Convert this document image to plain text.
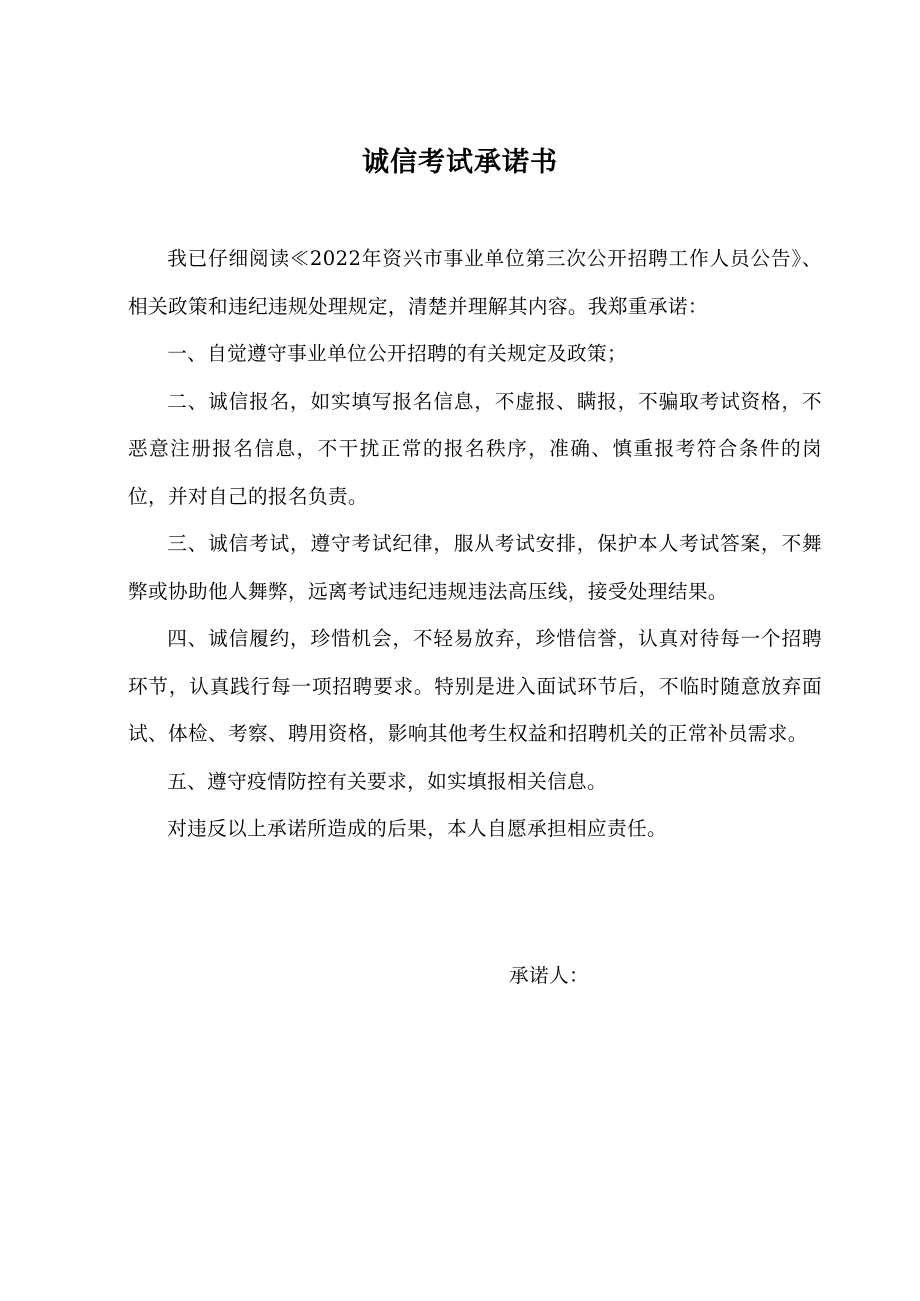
诚信考试承诺书

我已仔细阅读≪2022年资兴市事业单位第三次公开招聘工作人员公告》、相关政策和违纪违规处理规定，清楚并理解其内容。我郑重承诺：

一、自觉遵守事业单位公开招聘的有关规定及政策；

二、诚信报名，如实填写报名信息，不虚报、瞒报，不骗取考试资格，不恶意注册报名信息，不干扰正常的报名秩序，准确、慎重报考符合条件的岗位，并对自己的报名负责。

三、诚信考试，遵守考试纪律，服从考试安排，保护本人考试答案，不舞弊或协助他人舞弊，远离考试违纪违规违法高压线，接受处理结果。

四、诚信履约，珍惜机会，不轻易放弃，珍惜信誉，认真对待每一个招聘环节，认真践行每一项招聘要求。特别是进入面试环节后，不临时随意放弃面试、体检、考察、聘用资格，影响其他考生权益和招聘机关的正常补员需求。

五、遵守疫情防控有关要求，如实填报相关信息。

对违反以上承诺所造成的后果，本人自愿承担相应责任。

承诺人：
